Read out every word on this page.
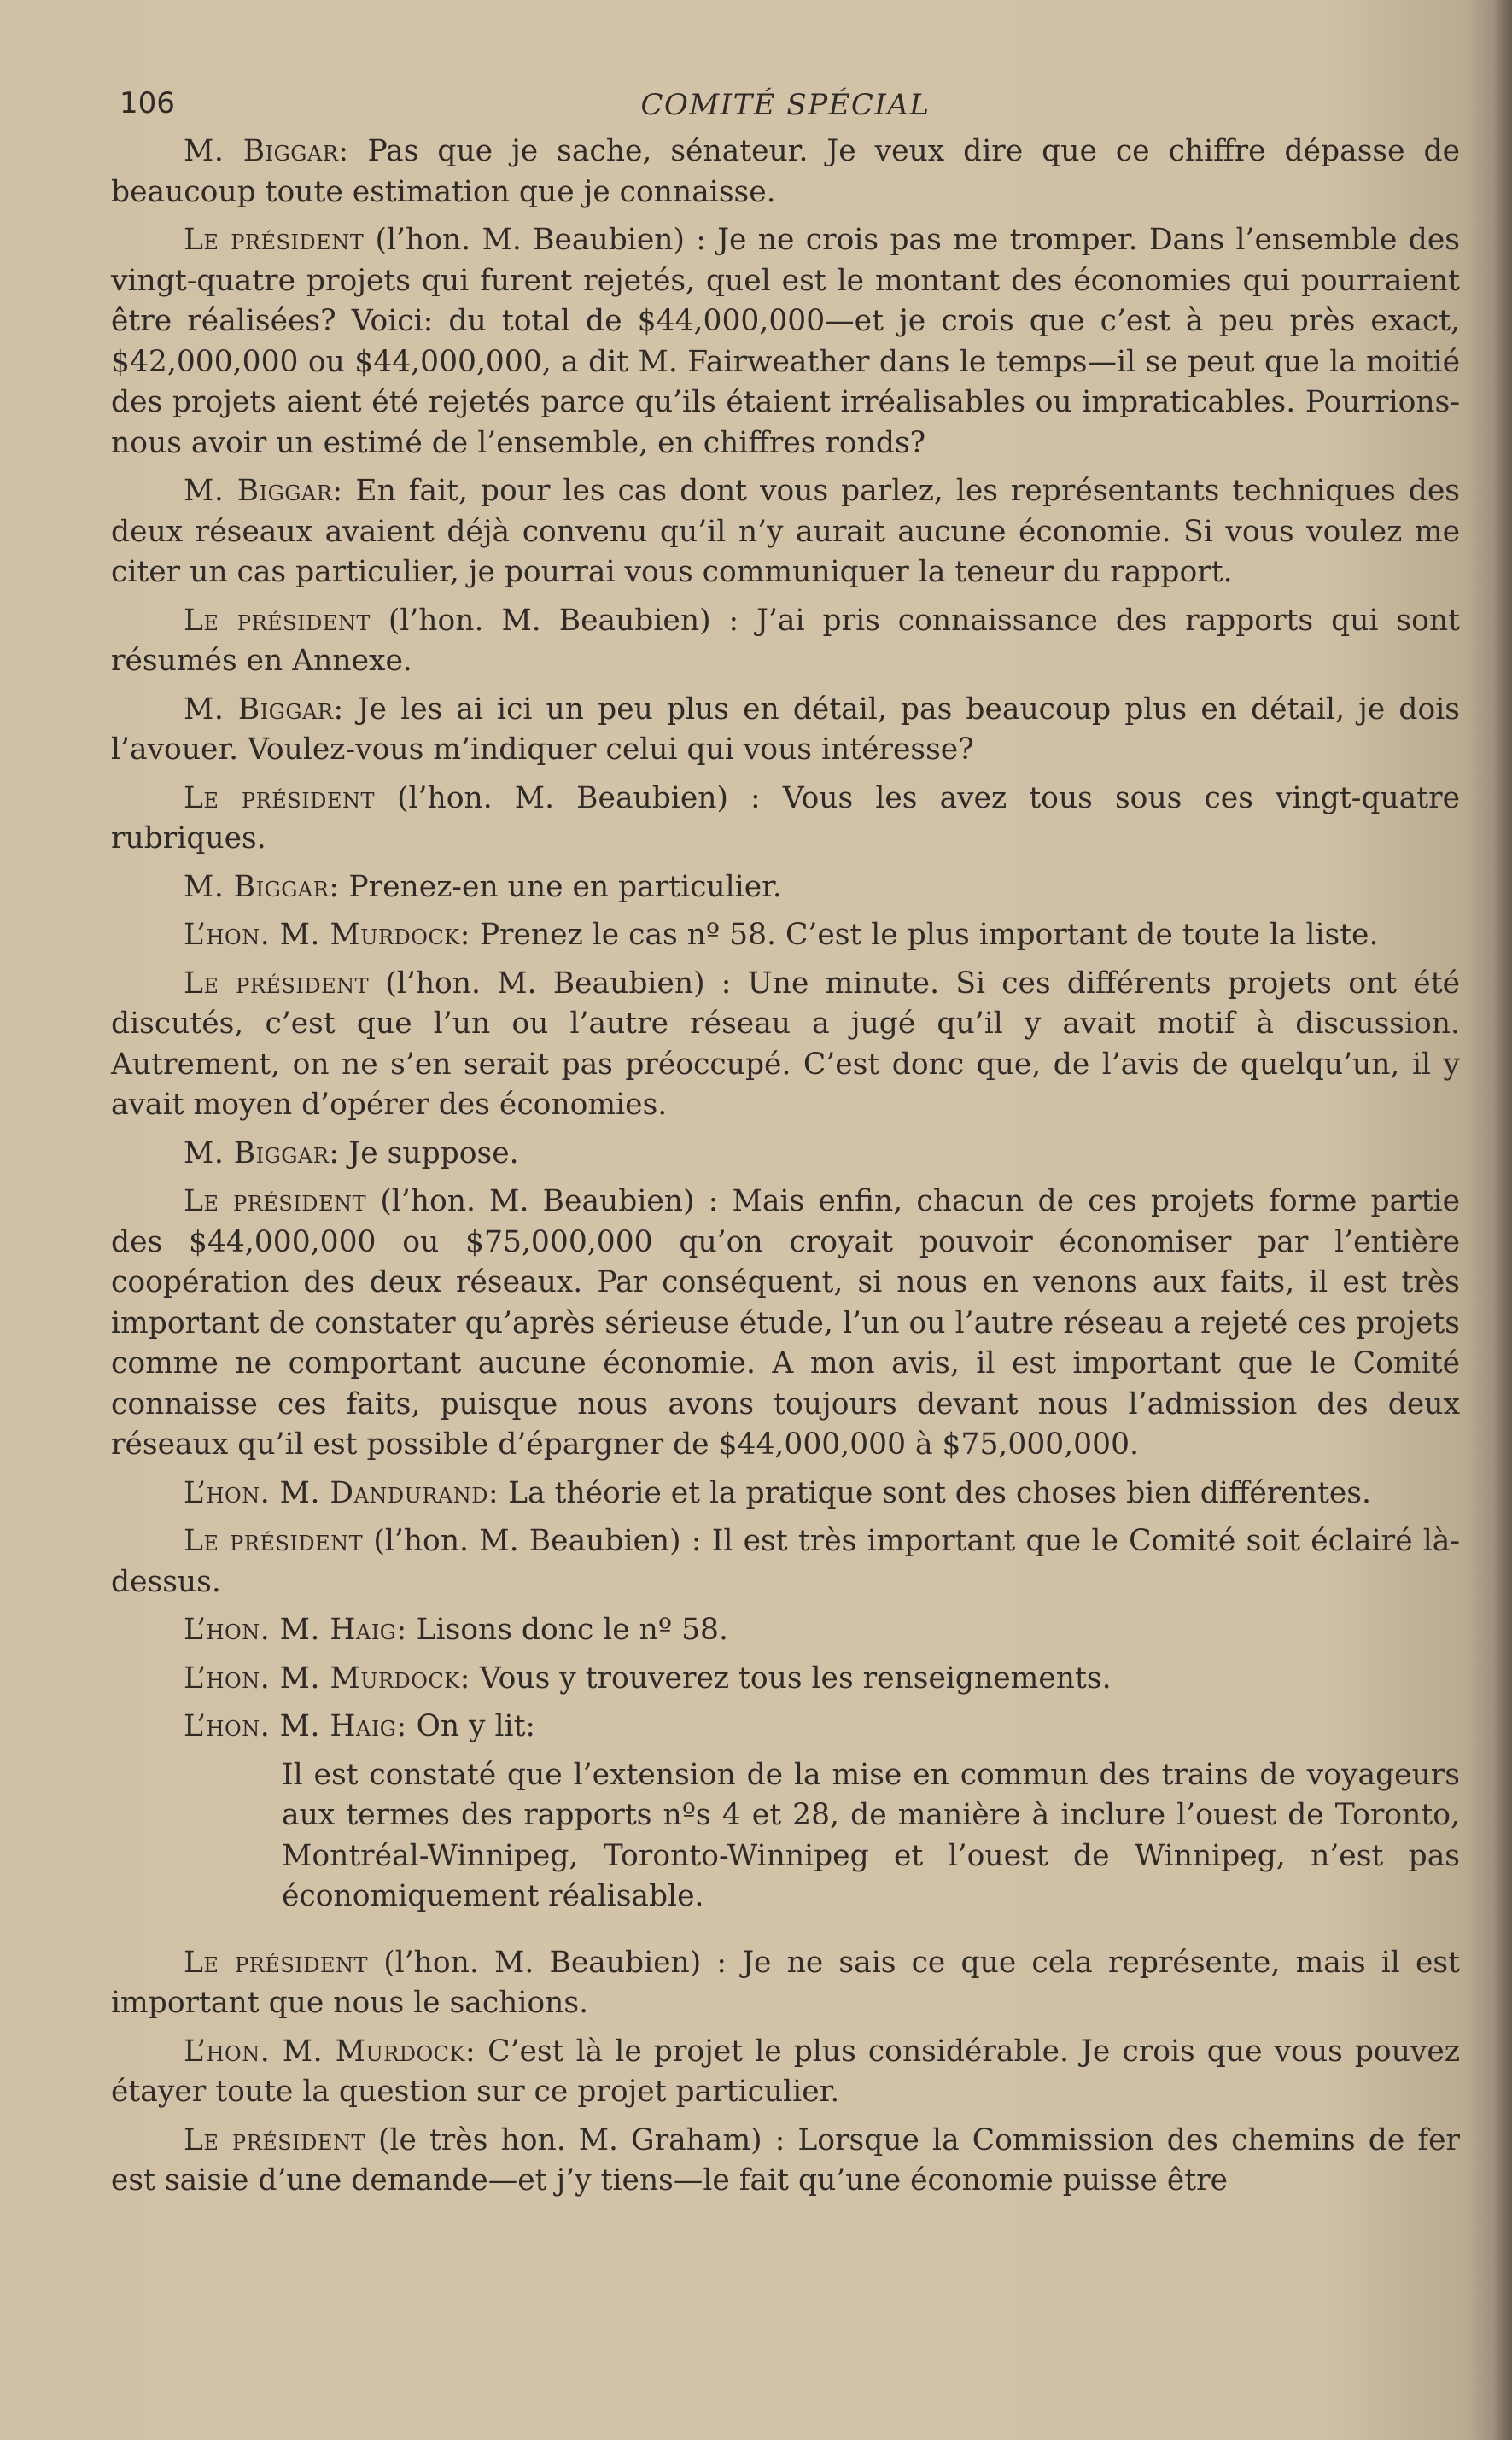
106	COMITÉ SPÉCIAL

M. Biggar: Pas que je sache, sénateur. Je veux dire que ce chiffre dépasse de beaucoup toute estimation que je connaisse.

Le président (l’hon. M. Beaubien) : Je ne crois pas me tromper. Dans l’ensemble des vingt-quatre projets qui furent rejetés, quel est le montant des économies qui pourraient être réalisées? Voici: du total de $44,000,000—et je crois que c’est à peu près exact, $42,000,000 ou $44,000,000, a dit M. Fairweather dans le temps—il se peut que la moitié des projets aient été rejetés parce qu’ils étaient irréalisables ou impraticables. Pourrions-nous avoir un estimé de l’ensemble, en chiffres ronds?

M. Biggar: En fait, pour les cas dont vous parlez, les représentants techniques des deux réseaux avaient déjà convenu qu’il n’y aurait aucune économie. Si vous voulez me citer un cas particulier, je pourrai vous communiquer la teneur du rapport.

Le président (l’hon. M. Beaubien) : J’ai pris connaissance des rapports qui sont résumés en Annexe.

M. Biggar: Je les ai ici un peu plus en détail, pas beaucoup plus en détail, je dois l’avouer. Voulez-vous m’indiquer celui qui vous intéresse?

Le président (l’hon. M. Beaubien) : Vous les avez tous sous ces vingt-quatre rubriques.

M. Biggar: Prenez-en une en particulier.

L’hon. M. Murdock: Prenez le cas nº 58. C’est le plus important de toute la liste.

Le président (l’hon. M. Beaubien) : Une minute. Si ces différents projets ont été discutés, c’est que l’un ou l’autre réseau a jugé qu’il y avait motif à discussion. Autrement, on ne s’en serait pas préoccupé. C’est donc que, de l’avis de quelqu’un, il y avait moyen d’opérer des économies.

M. Biggar: Je suppose.

Le président (l’hon. M. Beaubien) : Mais enfin, chacun de ces projets forme partie des $44,000,000 ou $75,000,000 qu’on croyait pouvoir économiser par l’entière coopération des deux réseaux. Par conséquent, si nous en venons aux faits, il est très important de constater qu’après sérieuse étude, l’un ou l’autre réseau a rejeté ces projets comme ne comportant aucune économie. A mon avis, il est important que le Comité connaisse ces faits, puisque nous avons toujours devant nous l’admission des deux réseaux qu’il est possible d’épargner de $44,000,000 à $75,000,000.

L’hon. M. Dandurand: La théorie et la pratique sont des choses bien différentes.

Le président (l’hon. M. Beaubien) : Il est très important que le Comité soit éclairé là-dessus.

L’hon. M. Haig: Lisons donc le nº 58.

L’hon. M. Murdock: Vous y trouverez tous les renseignements.

L’hon. M. Haig: On y lit:

Il est constaté que l’extension de la mise en commun des trains de voyageurs aux termes des rapports nºs 4 et 28, de manière à inclure l’ouest de Toronto, Montréal-Winnipeg, Toronto-Winnipeg et l’ouest de Winnipeg, n’est pas économiquement réalisable.

Le président (l’hon. M. Beaubien) : Je ne sais ce que cela représente, mais il est important que nous le sachions.

L’hon. M. Murdock: C’est là le projet le plus considérable. Je crois que vous pouvez étayer toute la question sur ce projet particulier.

Le président (le très hon. M. Graham) : Lorsque la Commission des chemins de fer est saisie d’une demande—et j’y tiens—le fait qu’une économie puisse être
